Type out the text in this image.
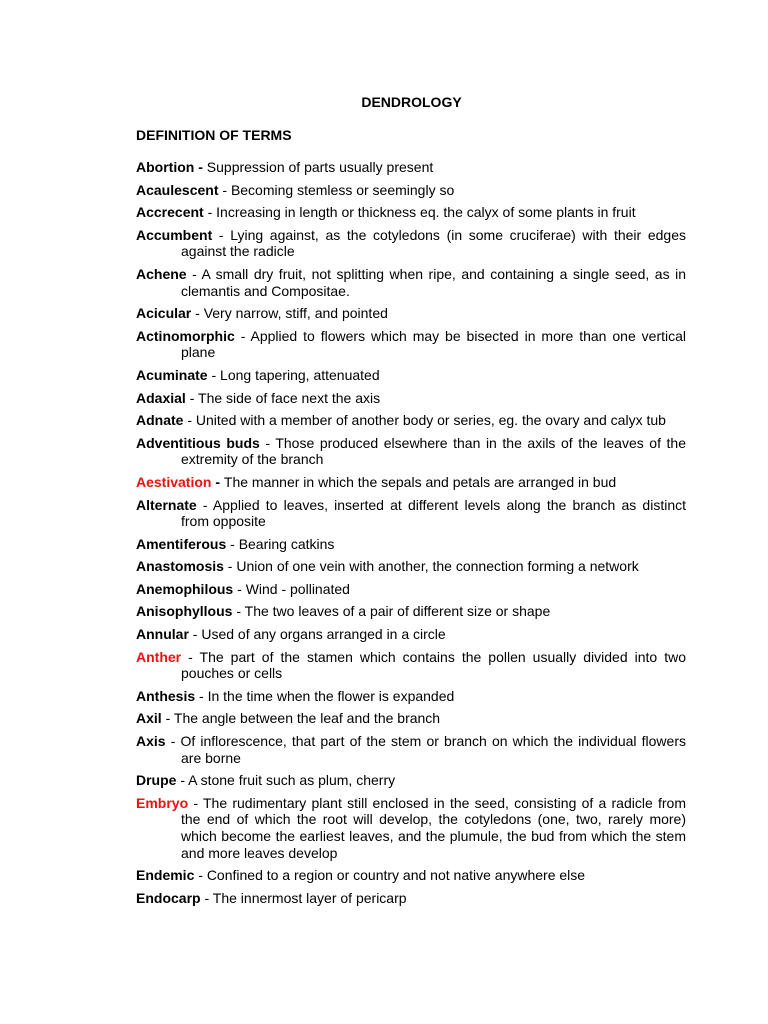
DENDROLOGY
DEFINITION OF TERMS
Abortion - Suppression of parts usually present
Acaulescent - Becoming stemless or seemingly so
Accrecent - Increasing in length or thickness eq. the calyx of some plants in fruit
Accumbent - Lying against, as the cotyledons (in some cruciferae) with their edges against the radicle
Achene - A small dry fruit, not splitting when ripe, and containing a single seed, as in clemantis and Compositae.
Acicular - Very narrow, stiff, and pointed
Actinomorphic - Applied to flowers which may be bisected in more than one vertical plane
Acuminate - Long tapering, attenuated
Adaxial - The side of face next the axis
Adnate - United with a member of another body or series, eg. the ovary and calyx tub
Adventitious buds - Those produced elsewhere than in the axils of the leaves of the extremity of the branch
Aestivation - The manner in which the sepals and petals are arranged in bud
Alternate - Applied to leaves, inserted at different levels along the branch as distinct from opposite
Amentiferous - Bearing catkins
Anastomosis - Union of one vein with another, the connection forming a network
Anemophilous - Wind - pollinated
Anisophyllous - The two leaves of a pair of different size or shape
Annular - Used of any organs arranged in a circle
Anther - The part of the stamen which contains the pollen usually divided into two pouches or cells
Anthesis - In the time when the flower is expanded
Axil - The angle between the leaf and the branch
Axis - Of inflorescence, that part of the stem or branch on which the individual flowers are borne
Drupe - A stone fruit such as plum, cherry
Embryo - The rudimentary plant still enclosed in the seed, consisting of a radicle from the end of which the root will develop, the cotyledons (one, two, rarely more) which become the earliest leaves, and the plumule, the bud from which the stem and more leaves develop
Endemic - Confined to a region or country and not native anywhere else
Endocarp - The innermost layer of pericarp
